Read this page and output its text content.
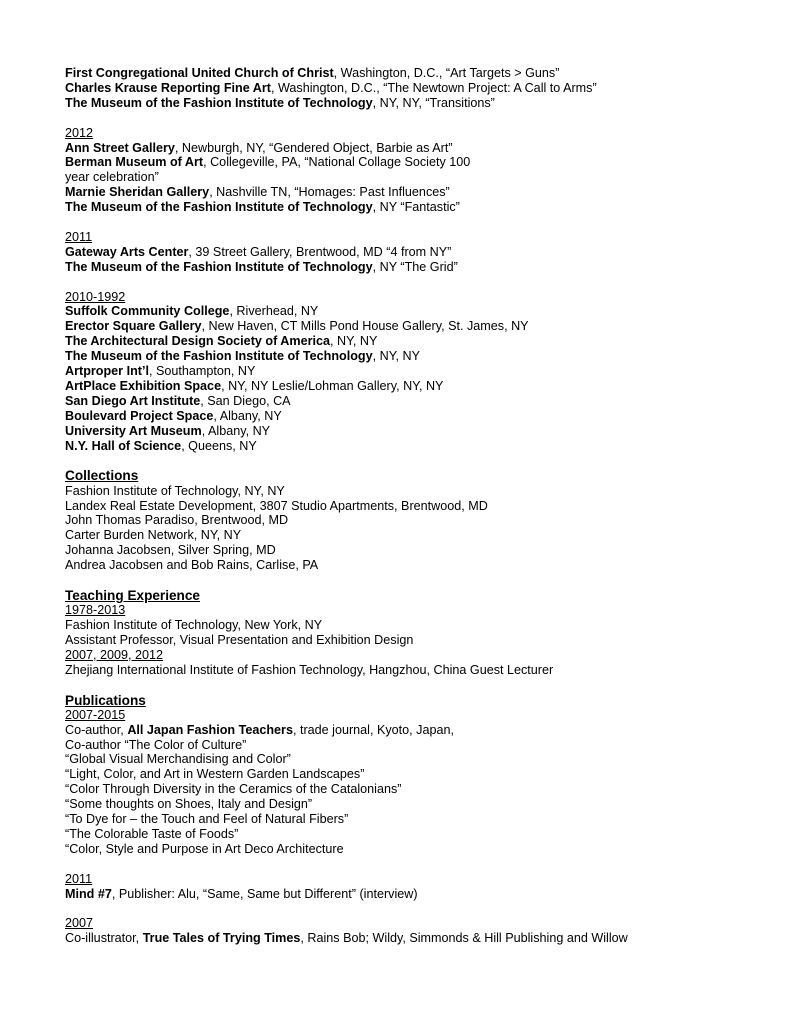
First Congregational United Church of Christ, Washington, D.C., “Art Targets > Guns”
Charles Krause Reporting Fine Art, Washington, D.C., “The Newtown Project: A Call to Arms”
The Museum of the Fashion Institute of Technology, NY, NY, “Transitions”
2012
Ann Street Gallery, Newburgh, NY, “Gendered Object, Barbie as Art”
Berman Museum of Art, Collegeville, PA, “National Collage Society 100
year celebration”
Marnie Sheridan Gallery, Nashville TN, “Homages: Past Influences”
The Museum of the Fashion Institute of Technology, NY “Fantastic”
2011
Gateway Arts Center, 39 Street Gallery, Brentwood, MD “4 from NY”
The Museum of the Fashion Institute of Technology, NY “The Grid”
2010-1992
Suffolk Community College, Riverhead, NY
Erector Square Gallery, New Haven, CT Mills Pond House Gallery, St. James, NY
The Architectural Design Society of America, NY, NY
The Museum of the Fashion Institute of Technology, NY, NY
Artproper Int’l, Southampton, NY
ArtPlace Exhibition Space, NY, NY Leslie/Lohman Gallery, NY, NY
San Diego Art Institute, San Diego, CA
Boulevard Project Space, Albany, NY
University Art Museum, Albany, NY
N.Y. Hall of Science, Queens, NY
Collections
Fashion Institute of Technology, NY, NY
Landex Real Estate Development, 3807 Studio Apartments, Brentwood, MD
John Thomas Paradiso, Brentwood, MD
Carter Burden Network, NY, NY
Johanna Jacobsen, Silver Spring, MD
Andrea Jacobsen and Bob Rains, Carlise, PA
Teaching Experience
1978-2013
Fashion Institute of Technology, New York, NY
Assistant Professor, Visual Presentation and Exhibition Design
2007, 2009, 2012
Zhejiang International Institute of Fashion Technology, Hangzhou, China Guest Lecturer
Publications
2007-2015
Co-author, All Japan Fashion Teachers, trade journal, Kyoto, Japan,
Co-author “The Color of Culture”
“Global Visual Merchandising and Color”
“Light, Color, and Art in Western Garden Landscapes”
“Color Through Diversity in the Ceramics of the Catalonians”
“Some thoughts on Shoes, Italy and Design”
“To Dye for – the Touch and Feel of Natural Fibers”
“The Colorable Taste of Foods”
“Color, Style and Purpose in Art Deco Architecture
2011
Mind #7, Publisher: Alu, “Same, Same but Different” (interview)
2007
Co-illustrator, True Tales of Trying Times, Rains Bob; Wildy, Simmonds & Hill Publishing and Willow
